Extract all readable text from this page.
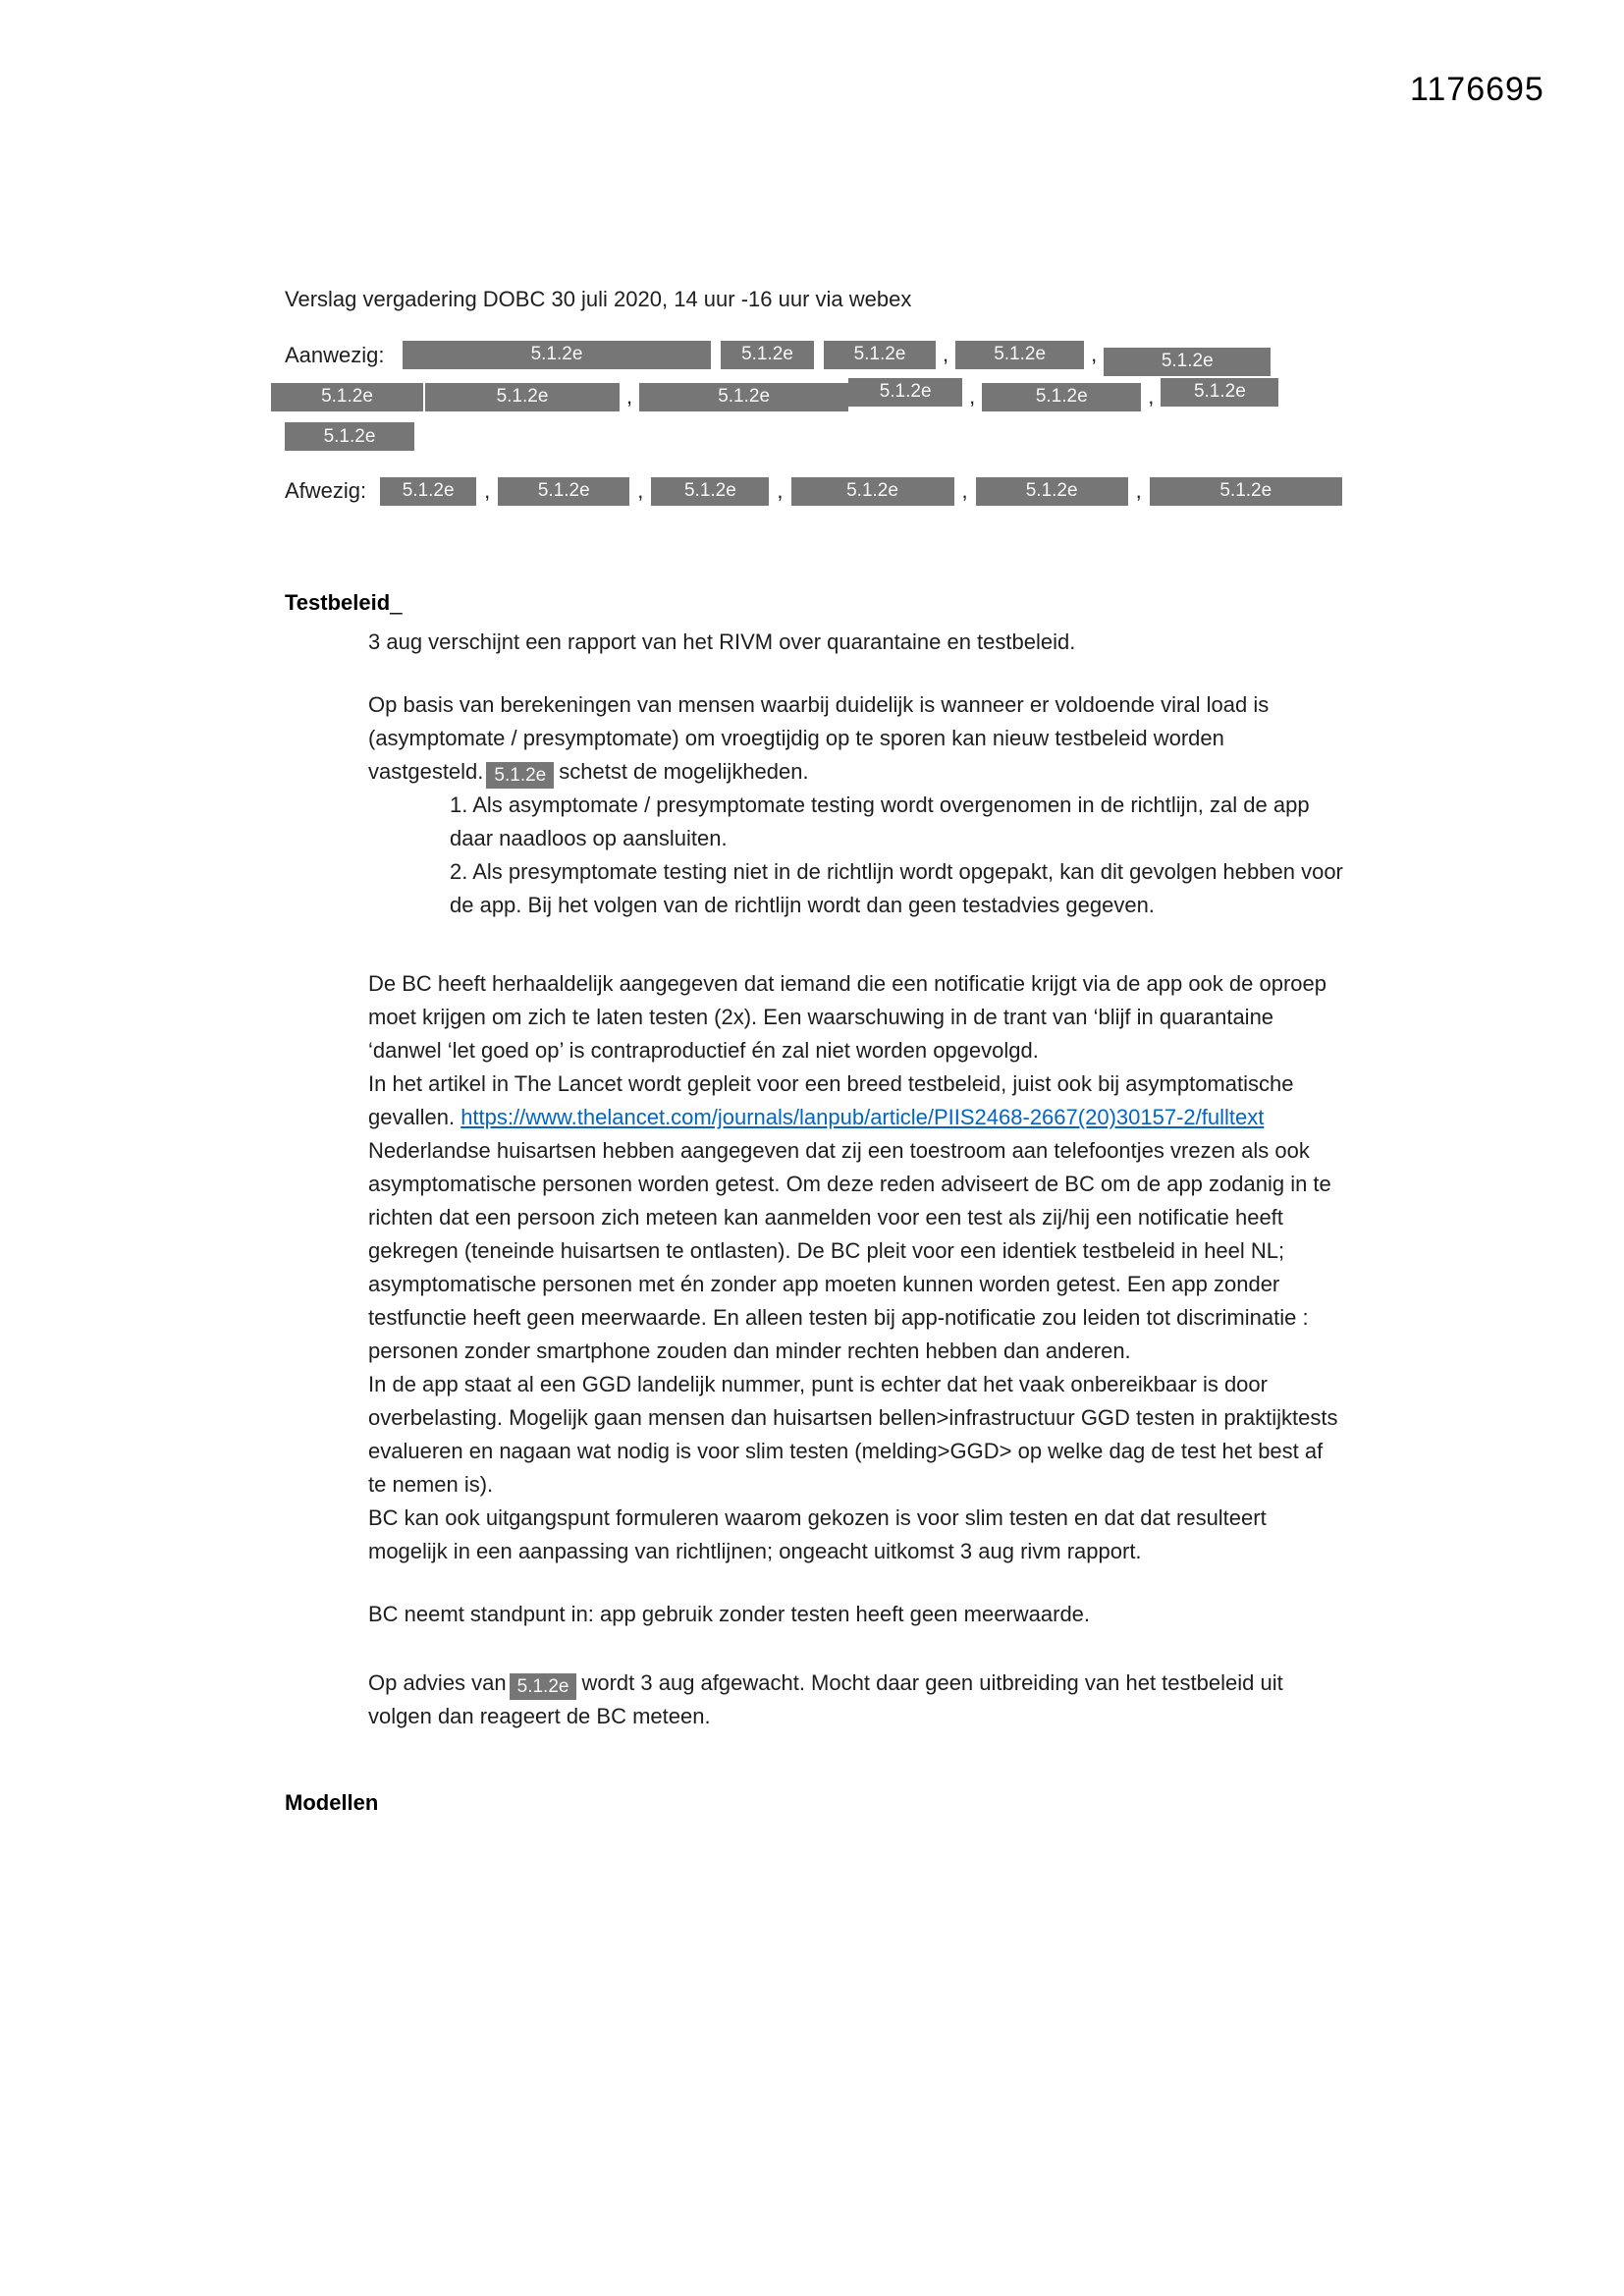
1176695
Verslag vergadering DOBC 30 juli 2020, 14 uur -16 uur via webex
Aanwezig:	5.1.2e	5.1.2e	5.1.2e	,	5.1.2e	,	5.1.2e
5.1.2e	5.1.2e	,	5.1.2e	5.1.2e	,	5.1.2e	,	5.1.2e
5.1.2e
Afwezig:	5.1.2e	,	5.1.2e	,	5.1.2e	,	5.1.2e	,	5.1.2e	,	5.1.2e
Testbeleid_

3 aug verschijnt een rapport van het RIVM over quarantaine en testbeleid.

Op basis van berekeningen van mensen waarbij duidelijk is wanneer er voldoende viral load is (asymptomate / presymptomate) om vroegtijdig op te sporen kan nieuw testbeleid worden vastgesteld. 5.1.2e schetst de mogelijkheden.

1. Als asymptomate / presymptomate testing wordt overgenomen in de richtlijn, zal de app daar naadloos op aansluiten.

2. Als presymptomate testing niet in de richtlijn wordt opgepakt, kan dit gevolgen hebben voor de app. Bij het volgen van de richtlijn wordt dan geen testadvies gegeven.

De BC heeft herhaaldelijk aangegeven dat iemand die een notificatie krijgt via de app ook de oproep moet krijgen om zich te laten testen (2x). Een waarschuwing in de trant van ‘blijf in quarantaine ‘danwel ‘let goed op’ is contraproductief én zal niet worden opgevolgd.

In het artikel in The Lancet wordt gepleit voor een breed testbeleid, juist ook bij asymptomatische gevallen. https://www.thelancet.com/journals/lanpub/article/PIIS2468-2667(20)30157-2/fulltext

Nederlandse huisartsen hebben aangegeven dat zij een toestroom aan telefoontjes vrezen als ook asymptomatische personen worden getest. Om deze reden adviseert de BC om de app zodanig in te richten dat een persoon zich meteen kan aanmelden voor een test als zij/hij een notificatie heeft gekregen (teneinde huisartsen te ontlasten). De BC pleit voor een identiek testbeleid in heel NL; asymptomatische personen met én zonder app moeten kunnen worden getest. Een app zonder testfunctie heeft geen meerwaarde. En alleen testen bij app-notificatie zou leiden tot discriminatie : personen zonder smartphone zouden dan minder rechten hebben dan anderen.

In de app staat al een GGD landelijk nummer, punt is echter dat het vaak onbereikbaar is door overbelasting. Mogelijk gaan mensen dan huisartsen bellen>infrastructuur GGD testen in praktijktests evalueren en nagaan wat nodig is voor slim testen (melding>GGD> op welke dag de test het best af te nemen is).

BC kan ook uitgangspunt formuleren waarom gekozen is voor slim testen en dat dat resulteert mogelijk in een aanpassing van richtlijnen; ongeacht uitkomst 3 aug rivm rapport.

BC neemt standpunt in: app gebruik zonder testen heeft geen meerwaarde.

Op advies van 5.1.2e wordt 3 aug afgewacht. Mocht daar geen uitbreiding van het testbeleid uit volgen dan reageert de BC meteen.

Modellen
